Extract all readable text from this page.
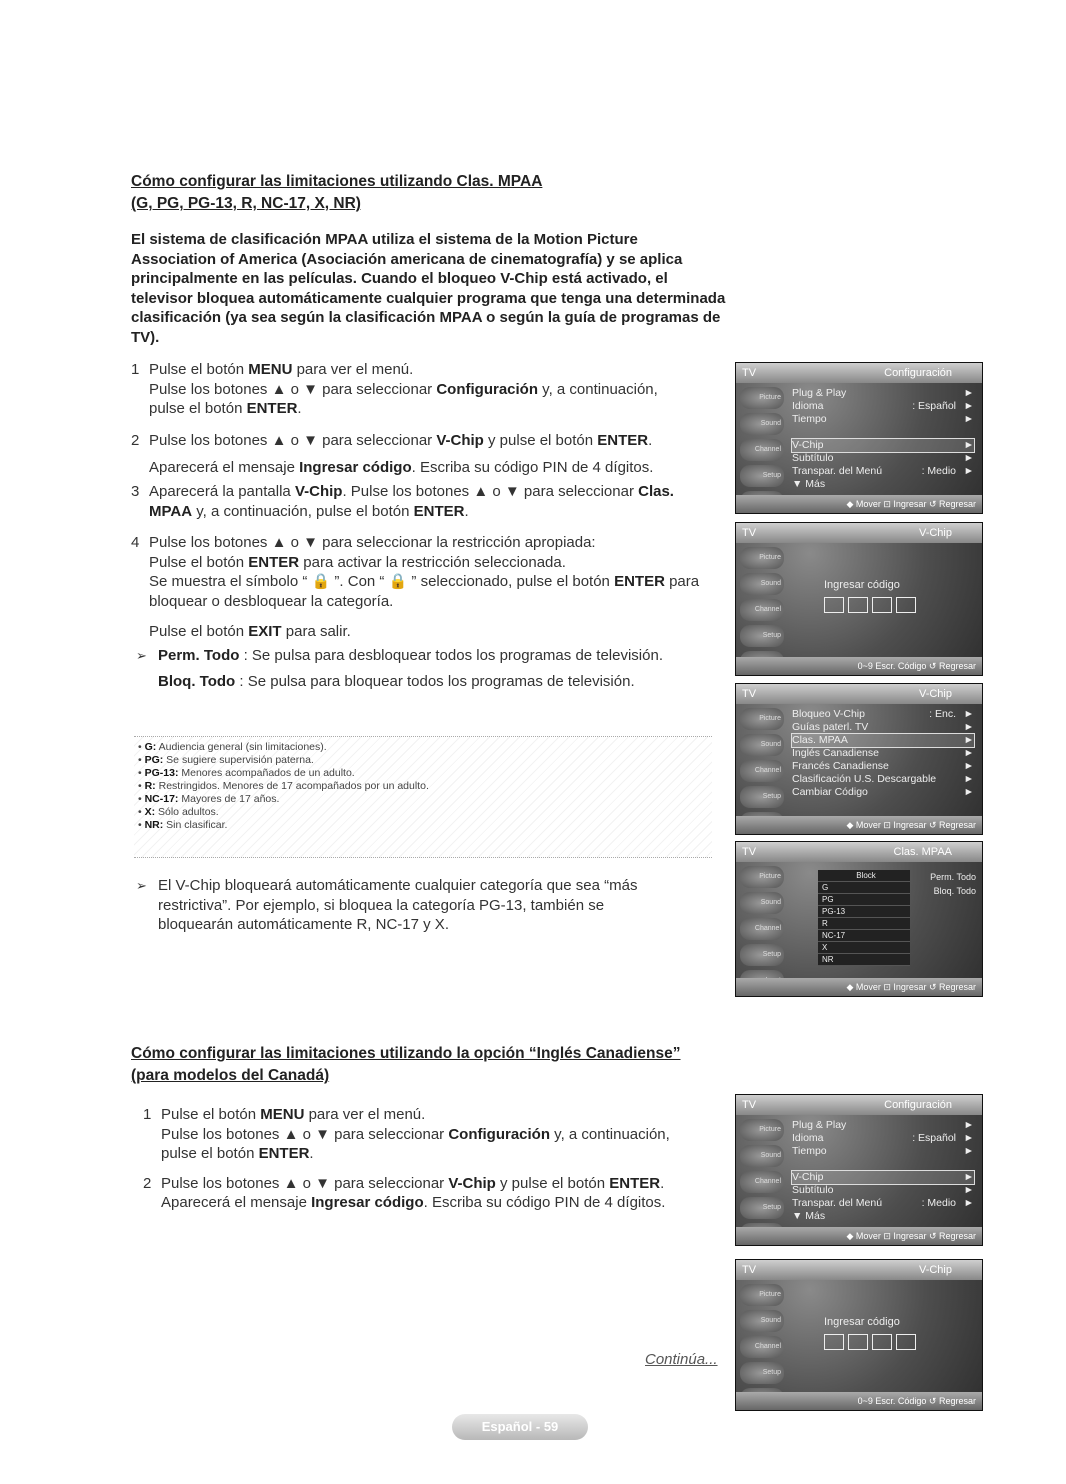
Cómo configurar las limitaciones utilizando Clas. MPAA
(G, PG, PG-13, R, NC-17, X, NR)
El sistema de clasificación MPAA utiliza el sistema de la Motion Picture Association of America (Asociación americana de cinematografía) y se aplica principalmente en las películas. Cuando el bloqueo V-Chip está activado, el televisor bloquea automáticamente cualquier programa que tenga una determinada clasificación (ya sea según la clasificación MPAA o según la guía de programas de TV).
1 Pulse el botón MENU para ver el menú.

Pulse los botones ▲ o ▼ para seleccionar Configuración y, a continuación,

pulse el botón ENTER.

2 Pulse los botones ▲ o ▼ para seleccionar V-Chip y pulse el botón ENTER.

Aparecerá el mensaje Ingresar código. Escriba su código PIN de 4 dígitos.

3 Aparecerá la pantalla V-Chip. Pulse los botones ▲ o ▼ para seleccionar Clas.

MPAA y, a continuación, pulse el botón ENTER.

4 Pulse los botones ▲ o ▼ para seleccionar la restricción apropiada:

Pulse el botón ENTER para activar la restricción seleccionada.

Se muestra el símbolo “ 🔒 ”. Con “ 🔒 ” seleccionado, pulse el botón ENTER para

bloquear o desbloquear la categoría.

Pulse el botón EXIT para salir.

➢ Perm. Todo : Se pulsa para desbloquear todos los programas de televisión.
Bloq. Todo : Se pulsa para bloquear todos los programas de televisión.
➢ El V-Chip bloqueará automáticamente cualquier categoría que sea “más
restrictiva”. Por ejemplo, si bloquea la categoría PG-13, también se
bloquearán automáticamente R, NC-17 y X.
TV	Configuración
Picture
Sound
Channel
Setup
Plug & Play	►
Idioma	: Español ►
Tiempo	►
V-Chip	►
Subtítulo	►
Transpar. del Menú	: Medio ►
▼ Más
◆ Mover ⊡ Ingresar ↺ Regresar
TV	V-Chip
Picture
Sound
Channel
Setup
Ingresar código
0~9 Escr. Código ↺ Regresar
TV	V-Chip
Picture
Sound
Channel
Setup
Bloqueo V-Chip	: Enc. ►
Guías paterl. TV	►
Clas. MPAA	►
Inglés Canadiense	►
Francés Canadiense	►
Clasificación U.S. Descargable	►
Cambiar Código	►
◆ Mover ⊡ Ingresar ↺ Regresar
TV	Clas. MPAA
Picture
Sound
Channel
Setup
Block
G
PG
PG-13
R
NC-17
X
NR
Perm. Todo
Bloq. Todo
◆ Mover ⊡ Ingresar ↺ Regresar
• G: Audiencia general (sin limitaciones).
• PG: Se sugiere supervisión paterna.
• PG-13: Menores acompañados de un adulto.
• R: Restringidos. Menores de 17 acompañados por un adulto.
• NC-17: Mayores de 17 años.
• X: Sólo adultos.
• NR: Sin clasificar.
Cómo configurar las limitaciones utilizando la opción “Inglés Canadiense”
(para modelos del Canadá)
1 Pulse el botón MENU para ver el menú.

Pulse los botones ▲ o ▼ para seleccionar Configuración y, a continuación,

pulse el botón ENTER.

2 Pulse los botones ▲ o ▼ para seleccionar V-Chip y pulse el botón ENTER.

Aparecerá el mensaje Ingresar código. Escriba su código PIN de 4 dígitos.

TV	Configuración
Picture
Sound
Channel
Setup
Plug & Play	►
Idioma	: Español ►
Tiempo	►
V-Chip	►
Subtítulo	►
Transpar. del Menú	: Medio ►
▼ Más
◆ Mover ⊡ Ingresar ↺ Regresar
TV	V-Chip
Picture
Sound
Channel
Setup
Ingresar código
0~9 Escr. Código ↺ Regresar
Continúa...
Español - 59
